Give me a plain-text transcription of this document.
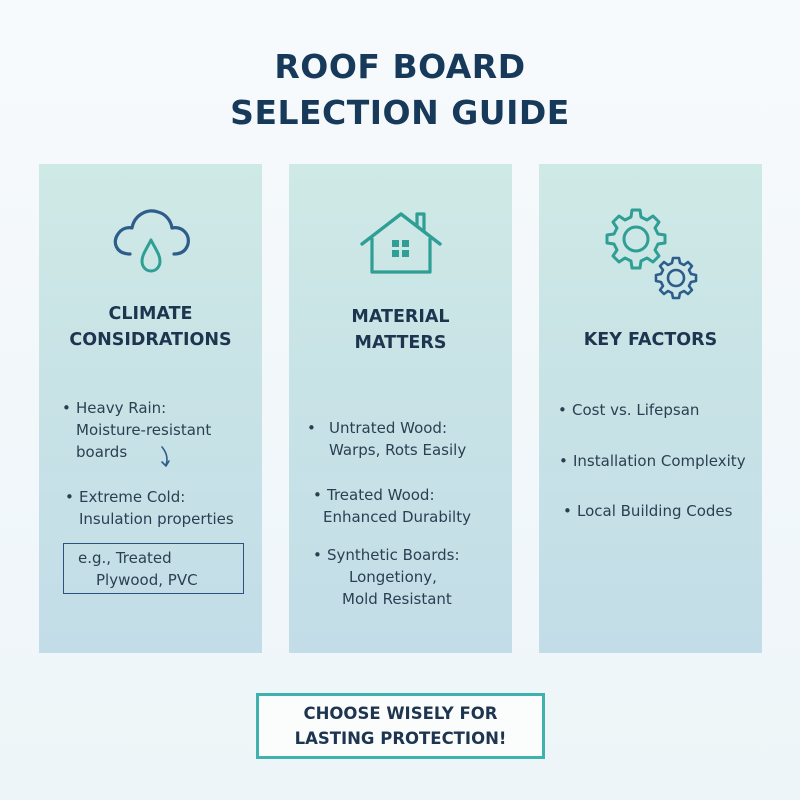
ROOF BOARD
SELECTION GUIDE
CLIMATE
CONSIDRATIONS
• Heavy Rain:
Moisture-resistant
boards
• Extreme Cold:
Insulation properties
e.g., Treated
Plywood, PVC
MATERIAL
MATTERS
• Untrated Wood:
Warps, Rots Easily
• Treated Wood:
Enhanced Durabilty
• Synthetic Boards:
Longetiony,
Mold Resistant
KEY FACTORS
• Cost vs. Lifepsan
• Installation Complexity
• Local Building Codes
CHOOSE WISELY FOR
LASTING PROTECTION!
